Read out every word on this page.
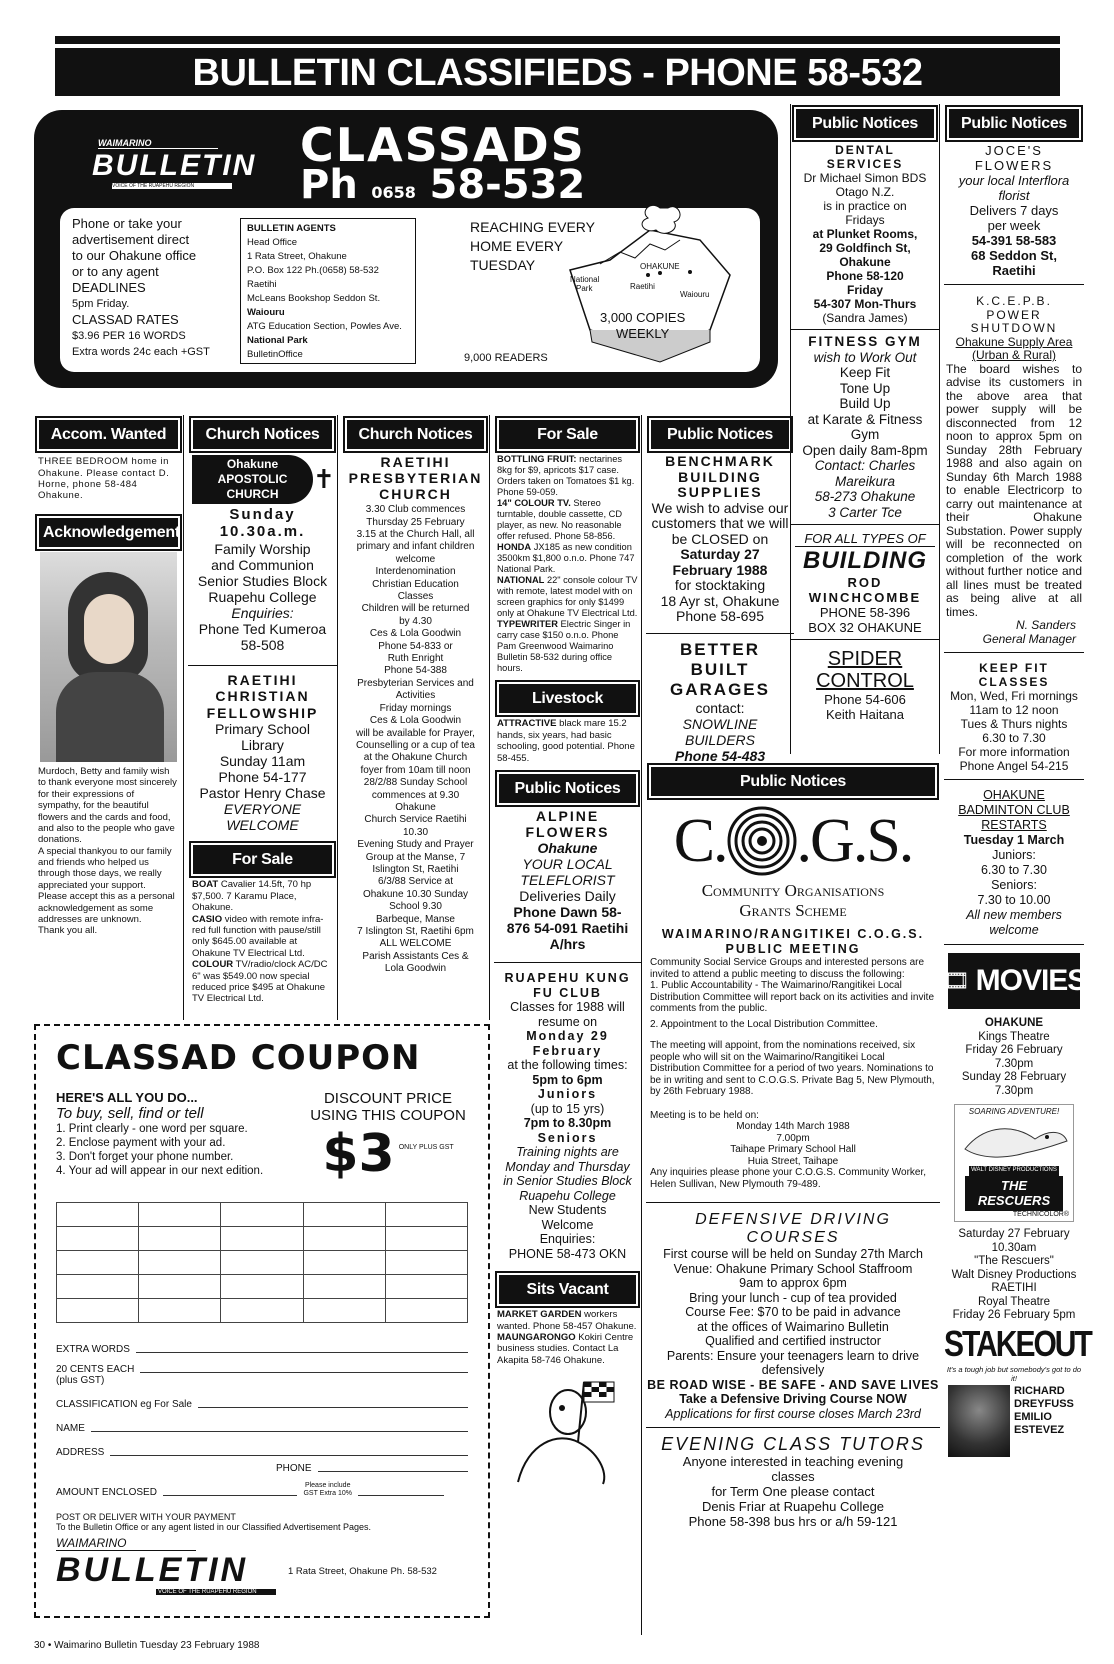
BULLETIN CLASSIFIEDS - PHONE 58-532
WAIMARINO
BULLETIN
VOICE OF THE RUAPEHU REGION
CLASSADS
Ph 0658 58-532
Phone or take your
advertisement direct
to our Ohakune office
or to any agent
DEADLINES
5pm Friday.
CLASSAD RATES
$3.96 PER 16 WORDS
Extra words 24c each +GST
BULLETIN AGENTS
Head Office
1 Rata Street, Ohakune
P.O. Box 122 Ph.(0658) 58-532 Raetihi
McLeans Bookshop Seddon St.
Waiouru
ATG Education Section, Powles Ave.
National Park
BulletinOffice
REACHING EVERY
HOME EVERY
TUESDAY	OHAKUNE
National
Park	Raetihi
Waiouru
3,000 COPIES
WEEKLY
9,000 READERS
Accom. Wanted
THREE BEDROOM home in Ohakune. Please contact D. Horne, phone 58-484 Ohakune.
Acknowledgement
Murdoch, Betty and family wish to thank everyone most sincerely for their expressions of sympathy, for the beautiful flowers and the cards and food, and also to the people who gave donations.
A special thankyou to our family and friends who helped us through those days, we really appreciated your support.
Please accept this as a personal acknowledgement as some addresses are unknown.
Thank you all.
Church Notices
Ohakune
APOSTOLIC
CHURCH
✝
Sunday
10.30a.m.
Family Worship
and Communion
Senior Studies Block
Ruapehu College
Enquiries:
Phone Ted Kumeroa
58-508
RAETIHI
CHRISTIAN
FELLOWSHIP
Primary School
Library
Sunday 11am
Phone 54-177
Pastor Henry Chase
EVERYONE
WELCOME
For Sale
BOAT Cavalier 14.5ft, 70 hp $7,500. 7 Karamu Place, Ohakune.
CASIO video with remote infra-red full function with pause/still only $645.00 available at Ohakune TV Electrical Ltd.
COLOUR TV/radio/clock AC/DC 6" was $549.00 now special reduced price $495 at Ohakune TV Electrical Ltd.
Church Notices
RAETIHI
PRESBYTERIAN
CHURCH
3.30 Club commences
Thursday 25 February
3.15 at the Church Hall, all
primary and infant children
welcome
Interdenomination
Christian Education
Classes
Children will be returned
by 4.30
Ces & Lola Goodwin
Phone 54-833 or
Ruth Enright
Phone 54-388
Presbyterian Services and
Activities
Friday mornings
Ces & Lola Goodwin
will be available for Prayer,
Counselling or a cup of tea
at the Ohakune Church
foyer from 10am till noon
28/2/88 Sunday School
commences at 9.30
Ohakune
Church Service Raetihi
10.30
Evening Study and Prayer
Group at the Manse, 7
Islington St, Raetihi
6/3/88 Service at
Ohakune 10.30 Sunday
School 9.30
Barbeque, Manse
7 Islington St, Raetihi 6pm
ALL WELCOME
Parish Assistants Ces &
Lola Goodwin
For Sale
BOTTLING FRUIT: nectarines 8kg for $9, apricots $17 case. Orders taken on Tomatoes $1 kg. Phone 59-059.
14" COLOUR TV. Stereo turntable, double cassette, CD player, as new. No reasonable offer refused. Phone 58-856.
HONDA JX185 as new condition 3500km $1,800 o.n.o. Phone 747 National Park.
NATIONAL 22" console colour TV with remote, latest model with on screen graphics for only $1499 only at Ohakune TV Electrical Ltd.
TYPEWRITER Electric Singer in carry case $150 o.n.o. Phone Pam Greenwood Waimarino Bulletin 58-532 during office hours.
Livestock
ATTRACTIVE black mare 15.2 hands, six years, had basic schooling, good potential. Phone 58-455.
Public Notices
ALPINE
FLOWERS
Ohakune
YOUR LOCAL
TELEFLORIST
Deliveries Daily
Phone Dawn 58-
876 54-091 Raetihi
A/hrs
RUAPEHU KUNG
FU CLUB
Classes for 1988 will
resume on
Monday 29
February
at the following times:
5pm to 6pm
Juniors
(up to 15 yrs)
7pm to 8.30pm
Seniors
Training nights are
Monday and Thursday
in Senior Studies Block
Ruapehu College
New Students
Welcome
Enquiries:
PHONE 58-473 OKN
Sits Vacant
MARKET GARDEN workers wanted. Phone 58-457 Ohakune.
MAUNGARONGO Kokiri Centre business studies. Contact La Akapita 58-746 Ohakune.
Public Notices
BENCHMARK
BUILDING
SUPPLIES
We wish to advise our
customers that we will
be CLOSED on
Saturday 27
February 1988
for stocktaking
18 Ayr st, Ohakune
Phone 58-695
BETTER
BUILT
GARAGES
contact:
SNOWLINE
BUILDERS
Phone 54-483
Public Notices
DENTAL
SERVICES
Dr Michael Simon BDS
Otago N.Z.
is in practice on
Fridays
at Plunket Rooms,
29 Goldfinch St,
Ohakune
Phone 58-120
Friday
54-307 Mon-Thurs
(Sandra James)
FITNESS GYM
wish to Work Out
Keep Fit
Tone Up
Build Up
at Karate & Fitness
Gym
Open daily 8am-8pm
Contact: Charles
Mareikura
58-273 Ohakune
3 Carter Tce
FOR ALL TYPES OF
BUILDING
ROD
WINCHCOMBE
PHONE 58-396
BOX 32 OHAKUNE
SPIDER
CONTROL
Phone 54-606
Keith Haitana
Public Notices
JOCE'S
FLOWERS
your local Interflora
florist
Delivers 7 days
per week
54-391 58-583
68 Seddon St,
Raetihi
K.C.E.P.B.
POWER
SHUTDOWN
Ohakune Supply Area
(Urban & Rural)
The board wishes to advise its customers in the above area that power supply will be disconnected from 12 noon to approx 5pm on Sunday 28th February 1988 and also again on Sunday 6th March 1988 to enable Electricorp to carry out maintenance at their Ohakune Substation. Power supply will be reconnected on completion of the work without further notice and all lines must be treated as being alive at all times.
N. Sanders
General Manager
KEEP FIT
CLASSES
Mon, Wed, Fri mornings
11am to 12 noon
Tues & Thurs nights
6.30 to 7.30
For more information
Phone Angel 54-215
OHAKUNE
BADMINTON CLUB
RESTARTS
Tuesday 1 March
Juniors:
6.30 to 7.30
Seniors:
7.30 to 10.00
All new members
welcome
🎞 MOVIES
OHAKUNE
Kings Theatre
Friday 26 February
7.30pm
Sunday 28 February
7.30pm
SOARING ADVENTURE!
WALT DISNEY PRODUCTIONS
THE RESCUERS
TECHNICOLOR®
Saturday 27 February
10.30am
"The Rescuers"
Walt Disney Productions
RAETIHI
Royal Theatre
Friday 26 February 5pm
STAKEOUT
It's a tough job but somebody's got to do it!
RICHARD
DREYFUSS
EMILIO
ESTEVEZ
Public Notices
C. .G.S.
Community Organisations
Grants Scheme
WAIMARINO/RANGITIKEI C.O.G.S.
PUBLIC MEETING
Community Social Service Groups and interested persons are invited to attend a public meeting to discuss the following:
1. Public Accountability - The Waimarino/Rangitikei Local Distribution Committee will report back on its activities and invite comments from the public.
2. Appointment to the Local Distribution Committee.
The meeting will appoint, from the nominations received, six people who will sit on the Waimarino/Rangitikei Local Distribution Committee for a period of two years. Nominations to be in writing and sent to C.O.G.S. Private Bag 5, New Plymouth, by 26th February 1988.
Meeting is to be held on:
Monday 14th March 1988
7.00pm
Taihape Primary School Hall
Huia Street, Taihape
Any inquiries please phone your C.O.G.S. Community Worker, Helen Sullivan, New Plymouth 79-489.
DEFENSIVE DRIVING
COURSES
First course will be held on Sunday 27th March
Venue: Ohakune Primary School Staffroom
9am to approx 6pm
Bring your lunch - cup of tea provided
Course Fee: $70 to be paid in advance
at the offices of Waimarino Bulletin
Qualified and certified instructor
Parents: Ensure your teenagers learn to drive
defensively
BE ROAD WISE - BE SAFE - AND SAVE LIVES
Take a Defensive Driving Course NOW
Applications for first course closes March 23rd
EVENING CLASS TUTORS
Anyone interested in teaching evening
classes
for Term One please contact
Denis Friar at Ruapehu College
Phone 58-398 bus hrs or a/h 59-121
CLASSAD COUPON
HERE'S ALL YOU DO...
To buy, sell, find or tell
1. Print clearly - one word per square.
2. Enclose payment with your ad.
3. Don't forget your phone number.
4. Your ad will appear in our next edition.
DISCOUNT PRICE
USING THIS COUPON
$3 ONLY PLUS GST

EXTRA WORDS
20 CENTS EACH
(plus GST)
CLASSIFICATION eg For Sale
NAME
ADDRESS
PHONE
AMOUNT ENCLOSED
Please include
GST Extra 10%
POST OR DELIVER WITH YOUR PAYMENT
To the Bulletin Office or any agent listed in our Classified Advertisement Pages.
WAIMARINO
BULLETIN
VOICE OF THE RUAPEHU REGION
1 Rata Street, Ohakune Ph. 58-532
30 • Waimarino Bulletin Tuesday 23 February 1988
